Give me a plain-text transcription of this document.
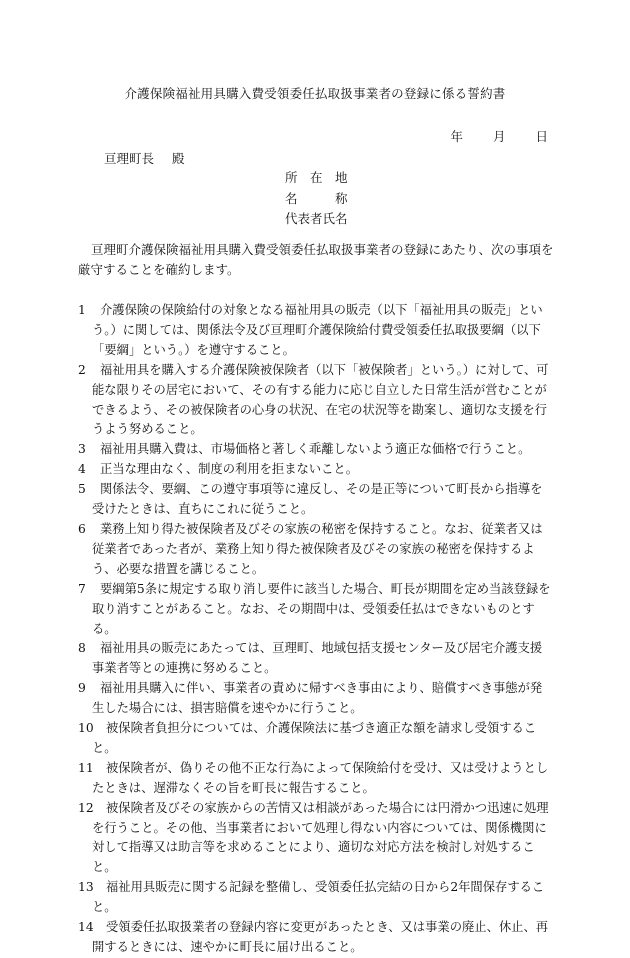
介護保険福祉用具購入費受領委任払取扱事業者の登録に係る誓約書
年 月 日
亘理町長 殿
所　在　地
名　　　称
代表者氏名

亘理町介護保険福祉用具購入費受領委任払取扱事業者の登録にあたり、次の事項を厳守することを確約します。

1 介護保険の保険給付の対象となる福祉用具の販売（以下「福祉用具の販売」という。）に関しては、関係法令及び亘理町介護保険給付費受領委任払取扱要綱（以下「要綱」という。）を遵守すること。
2 福祉用具を購入する介護保険被保険者（以下「被保険者」という。）に対して、可能な限りその居宅において、その有する能力に応じ自立した日常生活が営むことができるよう、その被保険者の心身の状況、在宅の状況等を勘案し、適切な支援を行うよう努めること。
3 福祉用具購入費は、市場価格と著しく乖離しないよう適正な価格で行うこと。
4 正当な理由なく、制度の利用を拒まないこと。
5 関係法令、要綱、この遵守事項等に違反し、その是正等について町長から指導を受けたときは、直ちにこれに従うこと。
6 業務上知り得た被保険者及びその家族の秘密を保持すること。なお、従業者又は従業者であった者が、業務上知り得た被保険者及びその家族の秘密を保持するよう、必要な措置を講じること。
7 要綱第5条に規定する取り消し要件に該当した場合、町長が期間を定め当該登録を取り消すことがあること。なお、その期間中は、受領委任払はできないものとする。
8 福祉用具の販売にあたっては、亘理町、地域包括支援センター及び居宅介護支援事業者等との連携に努めること。
9 福祉用具購入に伴い、事業者の責めに帰すべき事由により、賠償すべき事態が発生した場合には、損害賠償を速やかに行うこと。
10 被保険者負担分については、介護保険法に基づき適正な額を請求し受領すること。
11 被保険者が、偽りその他不正な行為によって保険給付を受け、又は受けようとしたときは、遅滞なくその旨を町長に報告すること。
12 被保険者及びその家族からの苦情又は相談があった場合には円滑かつ迅速に処理を行うこと。その他、当事業者において処理し得ない内容については、関係機関に対して指導又は助言等を求めることにより、適切な対応方法を検討し対処すること。
13 福祉用具販売に関する記録を整備し、受領委任払完結の日から2年間保存すること。
14 受領委任払取扱業者の登録内容に変更があったとき、又は事業の廃止、休止、再開するときには、速やかに町長に届け出ること。
